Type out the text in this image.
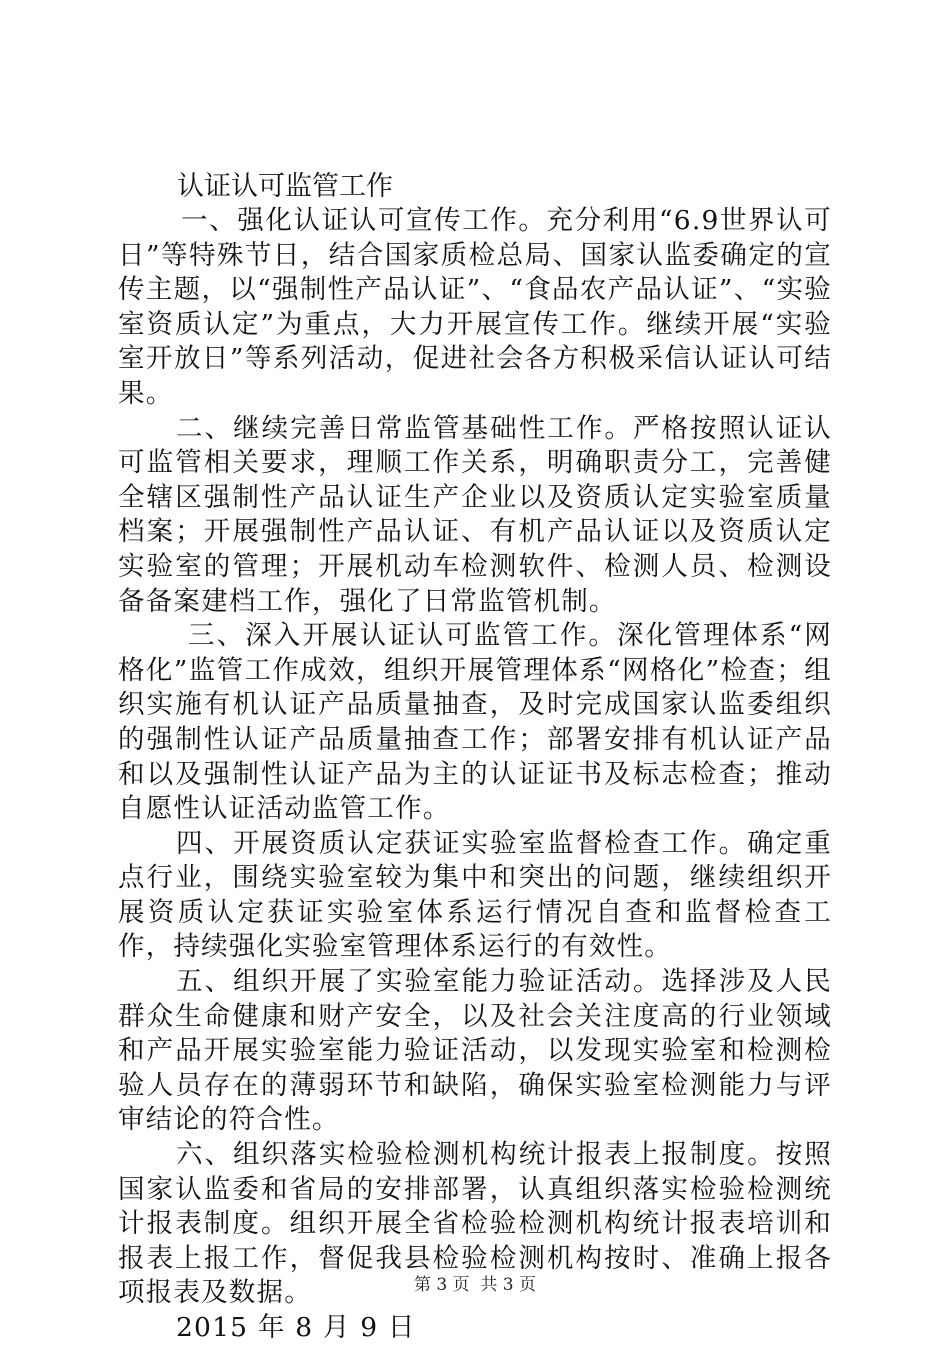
认证认可监管工作

一、强化认证认可宣传工作。充分利用“6.9世界认可日”等特殊节日，结合国家质检总局、国家认监委确定的宣传主题，以“强制性产品认证”、“食品农产品认证”、“实验室资质认定”为重点，大力开展宣传工作。继续开展“实验室开放日”等系列活动，促进社会各方积极采信认证认可结果。

二、继续完善日常监管基础性工作。严格按照认证认可监管相关要求，理顺工作关系，明确职责分工，完善健全辖区强制性产品认证生产企业以及资质认定实验室质量档案；开展强制性产品认证、有机产品认证以及资质认定实验室的管理；开展机动车检测软件、检测人员、检测设备备案建档工作，强化了日常监管机制。

三、深入开展认证认可监管工作。深化管理体系“网格化”监管工作成效，组织开展管理体系“网格化”检查；组织实施有机认证产品质量抽查，及时完成国家认监委组织的强制性认证产品质量抽查工作；部署安排有机认证产品和以及强制性认证产品为主的认证证书及标志检查；推动自愿性认证活动监管工作。

四、开展资质认定获证实验室监督检查工作。确定重点行业，围绕实验室较为集中和突出的问题，继续组织开展资质认定获证实验室体系运行情况自查和监督检查工作，持续强化实验室管理体系运行的有效性。

五、组织开展了实验室能力验证活动。选择涉及人民群众生命健康和财产安全，以及社会关注度高的行业领域和产品开展实验室能力验证活动，以发现实验室和检测检验人员存在的薄弱环节和缺陷，确保实验室检测能力与评审结论的符合性。

六、组织落实检验检测机构统计报表上报制度。按照国家认监委和省局的安排部署，认真组织落实检验检测统计报表制度。组织开展全省检验检测机构统计报表培训和报表上报工作，督促我县检验检测机构按时、准确上报各项报表及数据。

2015 年 8 月 9 日

第 3 页  共 3 页
